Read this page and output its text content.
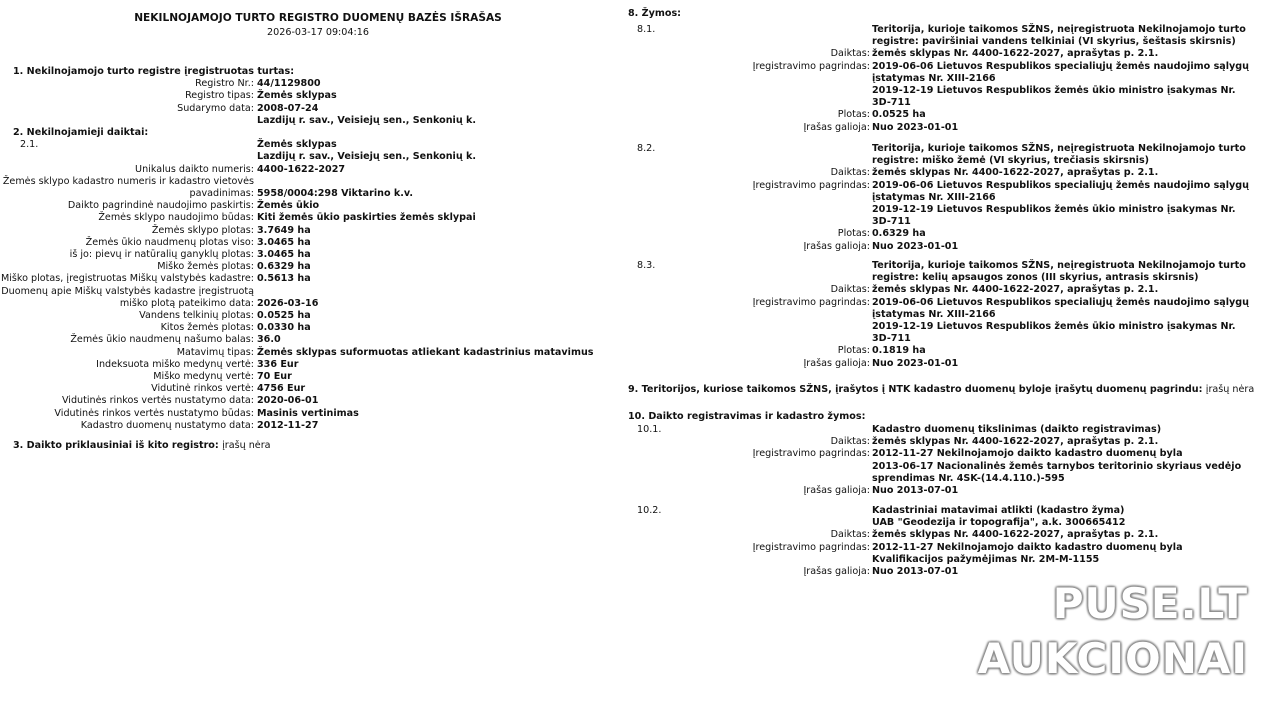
NEKILNOJAMOJO TURTO REGISTRO DUOMENŲ BAZĖS IŠRAŠAS
2026-03-17 09:04:16
1. Nekilnojamojo turto registre įregistruotas turtas:
Registro Nr.: 44/1129800
Registro tipas: Žemės sklypas
Sudarymo data: 2008-07-24
Lazdijų r. sav., Veisiejų sen., Senkonių k.
2. Nekilnojamieji daiktai:
2.1.	Žemės sklypas
Lazdijų r. sav., Veisiejų sen., Senkonių k.
Unikalus daikto numeris: 4400-1622-2027
Žemės sklypo kadastro numeris ir kadastro vietovės
pavadinimas: 5958/0004:298 Viktarino k.v.
Daikto pagrindinė naudojimo paskirtis: Žemės ūkio
Žemės sklypo naudojimo būdas: Kiti žemės ūkio paskirties žemės sklypai
Žemės sklypo plotas: 3.7649 ha
Žemės ūkio naudmenų plotas viso: 3.0465 ha
iš jo: pievų ir natūralių ganyklų plotas: 3.0465 ha
Miško žemės plotas: 0.6329 ha
Miško plotas, įregistruotas Miškų valstybės kadastre: 0.5613 ha
Duomenų apie Miškų valstybės kadastre įregistruotą
miško plotą pateikimo data: 2026-03-16
Vandens telkinių plotas: 0.0525 ha
Kitos žemės plotas: 0.0330 ha
Žemės ūkio naudmenų našumo balas: 36.0
Matavimų tipas: Žemės sklypas suformuotas atliekant kadastrinius matavimus
Indeksuota miško medynų vertė: 336 Eur
Miško medynų vertė: 70 Eur
Vidutinė rinkos vertė: 4756 Eur
Vidutinės rinkos vertės nustatymo data: 2020-06-01
Vidutinės rinkos vertės nustatymo būdas: Masinis vertinimas
Kadastro duomenų nustatymo data: 2012-11-27
3. Daikto priklausiniai iš kito registro: įrašų nėra
8. Žymos:
8.1.	Teritorija, kurioje taikomos SŽNS, neįregistruota Nekilnojamojo turto
registre: paviršiniai vandens telkiniai (VI skyrius, šeštasis skirsnis)
Daiktas: žemės sklypas Nr. 4400-1622-2027, aprašytas p. 2.1.
Įregistravimo pagrindas: 2019-06-06 Lietuvos Respublikos specialiųjų žemės naudojimo sąlygų
įstatymas Nr. XIII-2166
2019-12-19 Lietuvos Respublikos žemės ūkio ministro įsakymas Nr.
3D-711
Plotas: 0.0525 ha
Įrašas galioja: Nuo 2023-01-01
8.2.	Teritorija, kurioje taikomos SŽNS, neįregistruota Nekilnojamojo turto
registre: miško žemė (VI skyrius, trečiasis skirsnis)
Daiktas: žemės sklypas Nr. 4400-1622-2027, aprašytas p. 2.1.
Įregistravimo pagrindas: 2019-06-06 Lietuvos Respublikos specialiųjų žemės naudojimo sąlygų
įstatymas Nr. XIII-2166
2019-12-19 Lietuvos Respublikos žemės ūkio ministro įsakymas Nr.
3D-711
Plotas: 0.6329 ha
Įrašas galioja: Nuo 2023-01-01
8.3.	Teritorija, kurioje taikomos SŽNS, neįregistruota Nekilnojamojo turto
registre: kelių apsaugos zonos (III skyrius, antrasis skirsnis)
Daiktas: žemės sklypas Nr. 4400-1622-2027, aprašytas p. 2.1.
Įregistravimo pagrindas: 2019-06-06 Lietuvos Respublikos specialiųjų žemės naudojimo sąlygų
įstatymas Nr. XIII-2166
2019-12-19 Lietuvos Respublikos žemės ūkio ministro įsakymas Nr.
3D-711
Plotas: 0.1819 ha
Įrašas galioja: Nuo 2023-01-01
9. Teritorijos, kuriose taikomos SŽNS, įrašytos į NTK kadastro duomenų byloje įrašytų duomenų pagrindu: įrašų nėra
10. Daikto registravimas ir kadastro žymos:
10.1.	Kadastro duomenų tikslinimas (daikto registravimas)
Daiktas: žemės sklypas Nr. 4400-1622-2027, aprašytas p. 2.1.
Įregistravimo pagrindas: 2012-11-27 Nekilnojamojo daikto kadastro duomenų byla
2013-06-17 Nacionalinės žemės tarnybos teritorinio skyriaus vedėjo
sprendimas Nr. 4SK-(14.4.110.)-595
Įrašas galioja: Nuo 2013-07-01
10.2.	Kadastriniai matavimai atlikti (kadastro žyma)
UAB "Geodezija ir topografija", a.k. 300665412
Daiktas: žemės sklypas Nr. 4400-1622-2027, aprašytas p. 2.1.
Įregistravimo pagrindas: 2012-11-27 Nekilnojamojo daikto kadastro duomenų byla
Kvalifikacijos pažymėjimas Nr. 2M-M-1155
Įrašas galioja: Nuo 2013-07-01
PUSE.LT
AUKCIONAI
